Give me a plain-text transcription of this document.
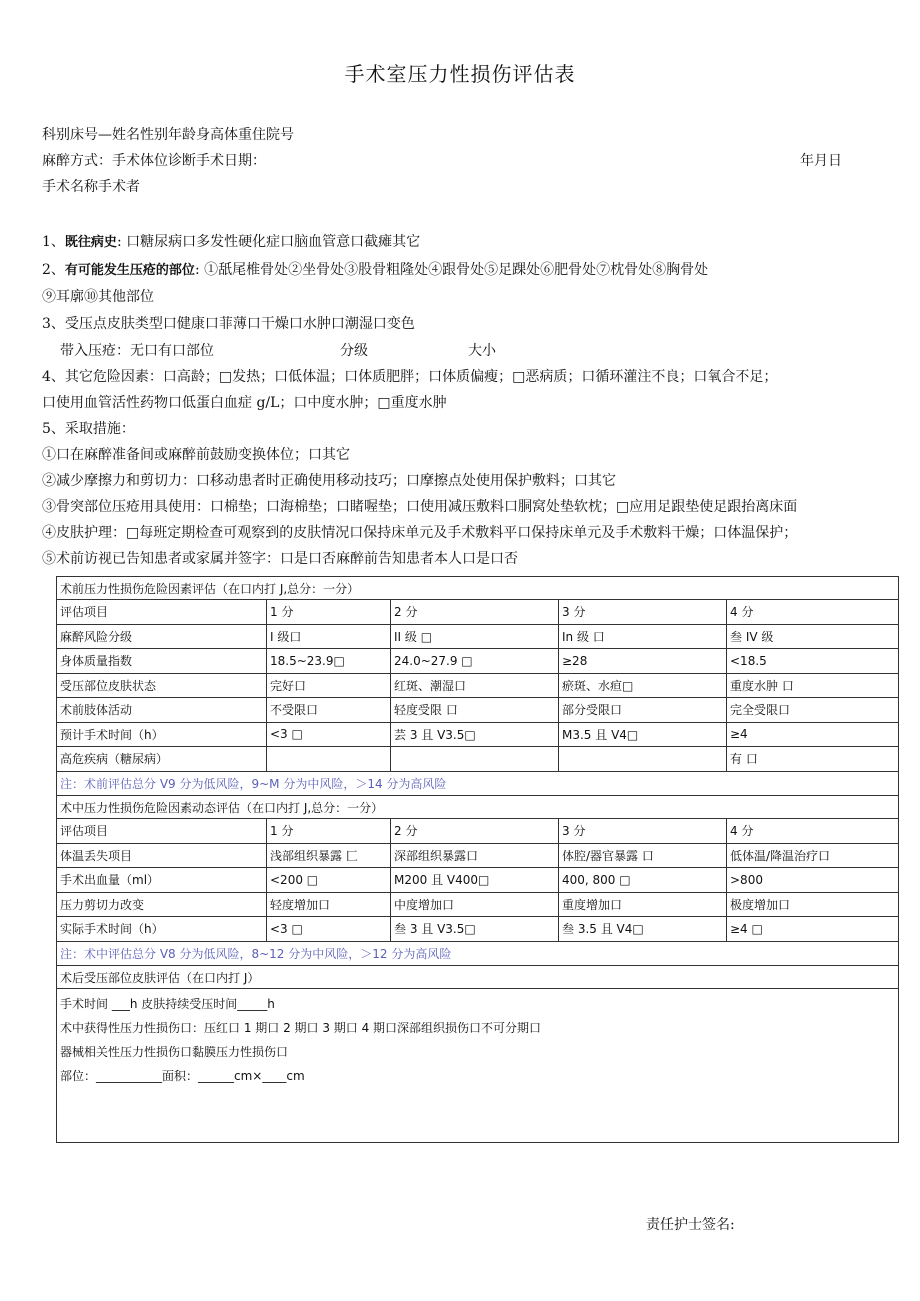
手术室压力性损伤评估表
科别床号—姓名性别年龄身高体重住院号
麻醉方式：手术体位诊断手术日期：	年月日
手术名称手术者
1、既往病史: 口糖尿病口多发性硬化症口脑血管意口截瘫其它
2、有可能发生压疮的部位: ①舐尾椎骨处②坐骨处③股骨粗隆处④跟骨处⑤足踝处⑥肥骨处⑦枕骨处⑧胸骨处
⑨耳廓⑩其他部位
3、受压点皮肤类型口健康口菲薄口干燥口水肿口潮湿口变色
带入压疮：无口有口部位	分级	大小
4、其它危险因素：口高龄；□发热；口低体温；口体质肥胖；口体质偏瘦；□恶病质；口循环灌注不良；口氧合不足；
口使用血管活性药物口低蛋白血症 g/L；口中度水肿；□重度水肿
5、采取措施：
①口在麻醉准备间或麻醉前鼓励变换体位；口其它
②减少摩擦力和剪切力：口移动患者时正确使用移动技巧；口摩擦点处使用保护敷料；口其它
③骨突部位压疮用具使用：口棉垫；口海棉垫；口睹喔垫；口使用减压敷料口胴窝处垫软枕；□应用足跟垫使足跟抬离床面
④皮肤护理：□每班定期检查可观察到的皮肤情况口保持床单元及手术敷料平口保持床单元及手术敷料干燥；口体温保护；
⑤术前访视已告知患者或家属并签字：口是口否麻醉前告知患者本人口是口否
术前压力性损伤危险因素评估（在口内打 J,总分：一分）				
评估项目	1 分	2 分	3 分	4 分
麻醉风险分级	I 级口	II 级 □	In 级 口	叁 IV 级
身体质量指数	18.5~23.9□	24.0~27.9 □	≥28	<18.5
受压部位皮肤状态	完好口	红斑、潮湿口	瘀斑、水疸□	重度水肿 口
术前肢体活动	不受限口	轻度受限 口	部分受限口	完全受限口
预计手术时间（h）	<3 □	芸 3 且 V3.5□	M3.5 且 V4□	≥4
高危疾病（糖尿病）				有 口
注：术前评估总分 V9 分为低风险，9~M 分为中风险，＞14 分为高风险				
术中压力性损伤危险因素动态评估（在口内打 J,总分：一分）				
评估项目	1 分	2 分	3 分	4 分
体温丢失项目	浅部组织暴露 匚	深部组织暴露口	体腔/器官暴露 口	低体温/降温治疗口
手术出血量（ml）	<200 □	M200 且 V400□	400, 800 □	>800
压力剪切力改变	轻度增加口	中度增加口	重度增加口	极度增加口
实际手术时间（h）	<3 □	叁 3 且 V3.5□	叁 3.5 且 V4□	≥4 □
注：术中评估总分 V8 分为低风险，8~12 分为中风险，＞12 分为高风险				
术后受压部位皮肤评估（在口内打 J）				

手术时间 ___h 皮肤持续受压时间_____h
术中获得性压力性损伤口：压红口 1 期口 2 期口 3 期口 4 期口深部组织损伤口不可分期口
器械相关性压力性损伤口黏膜压力性损伤口
部位：___________面积：______cm×____cm				
责任护士签名:
